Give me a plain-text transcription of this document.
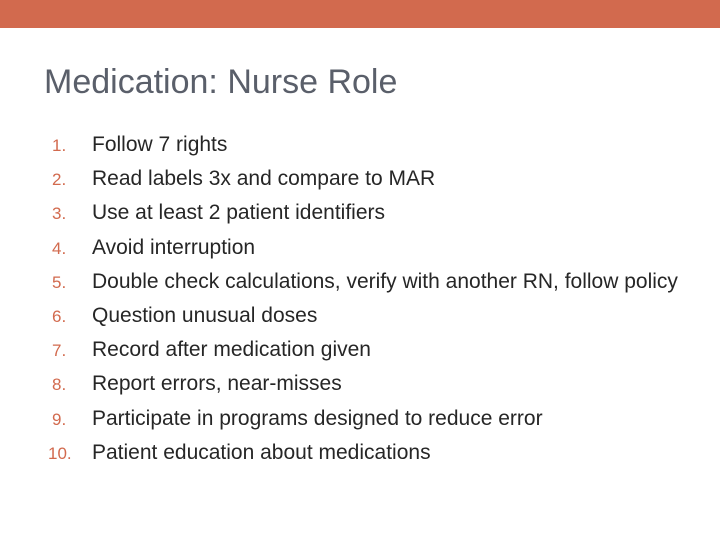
Medication: Nurse Role
1. Follow 7 rights
2. Read labels 3x and compare to MAR
3. Use at least 2 patient identifiers
4. Avoid interruption
5. Double check calculations, verify with another RN, follow policy
6. Question unusual doses
7. Record after medication given
8. Report errors, near-misses
9. Participate in programs designed to reduce error
10. Patient education about medications
